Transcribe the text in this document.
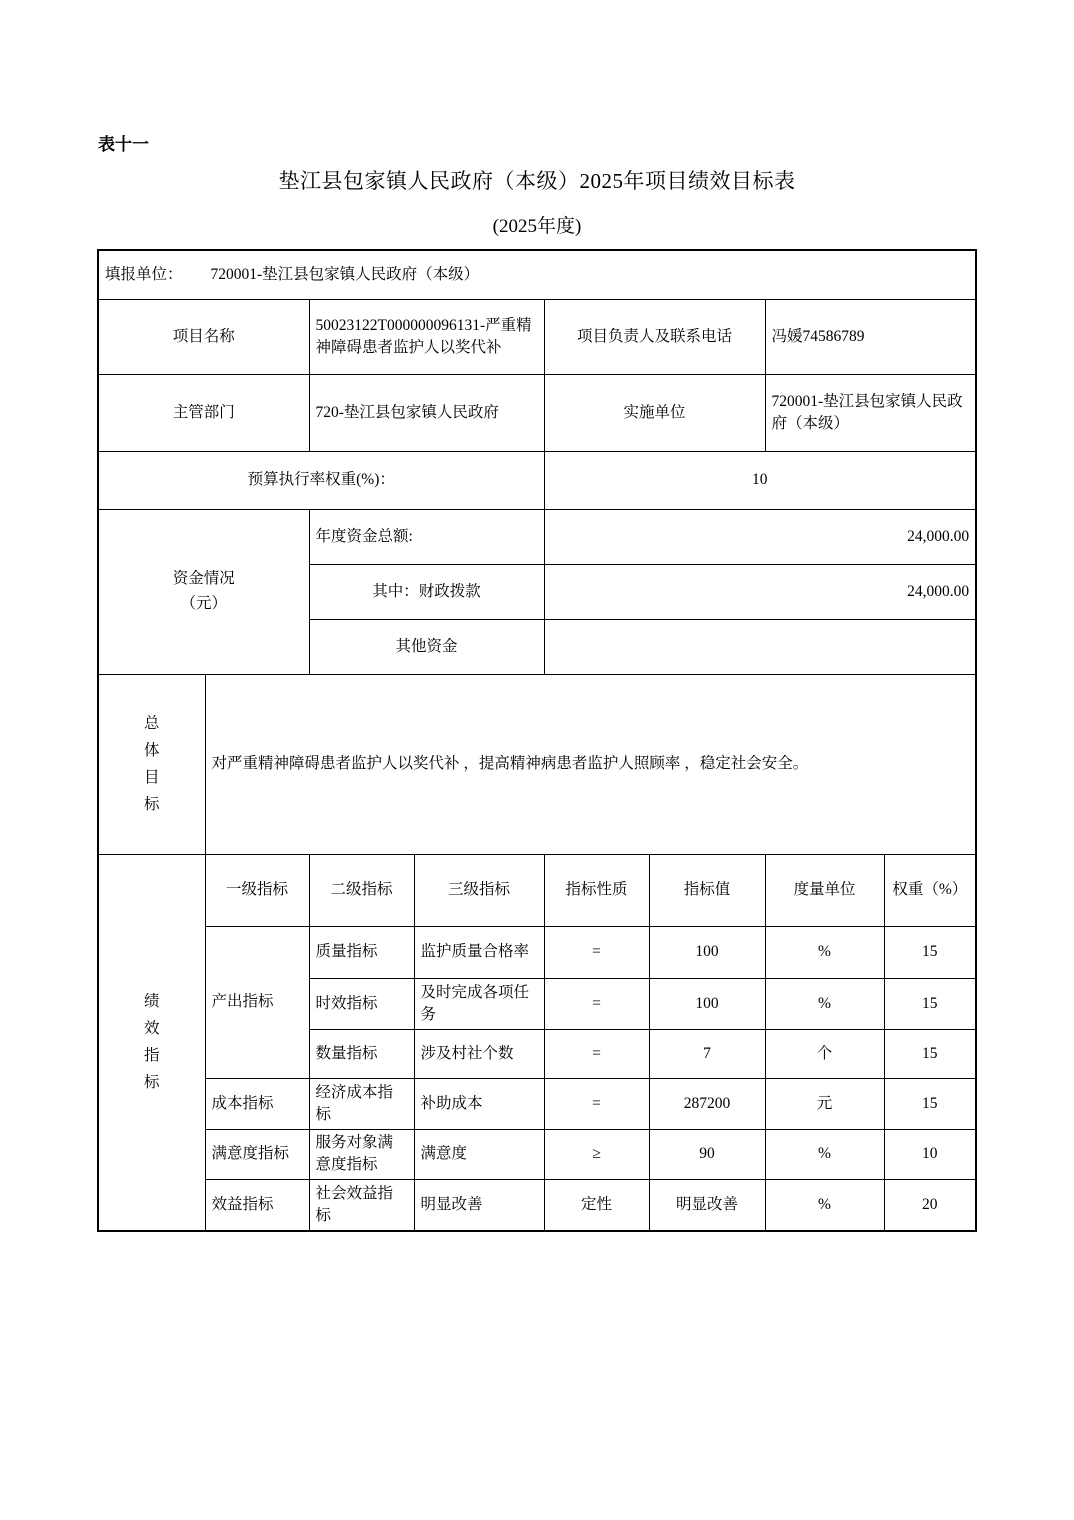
表十一
垫江县包家镇人民政府（本级）2025年项目绩效目标表
(2025年度)
填报单位： 720001-垫江县包家镇人民政府（本级）							
项目名称		50023122T000000096131-严重精神障碍患者监护人以奖代补		项目负责人及联系电话		冯媛74586789	
主管部门		720-垫江县包家镇人民政府		实施单位		720001-垫江县包家镇人民政府（本级）	
预算执行率权重(%)：				10			

资金情况
（元）		年度资金总额:		24,000.00			
		其中：财政拨款		24,000.00			
		其他资金					
总体目标	对严重精神障碍患者监护人以奖代补 ，提高精神病患者监护人照顾率 ，稳定社会安全。						
绩效指标	一级指标	二级指标	三级指标	指标性质	指标值	度量单位	权重（%）
	产出指标	质量指标	监护质量合格率	=	100	%	15
		时效指标	及时完成各项任务	=	100	%	15
		数量指标	涉及村社个数	=	7	个	15
	成本指标	经济成本指标	补助成本	=	287200	元	15
	满意度指标	服务对象满意度指标	满意度	≥	90	%	10
	效益指标	社会效益指标	明显改善	定性	明显改善	%	20
